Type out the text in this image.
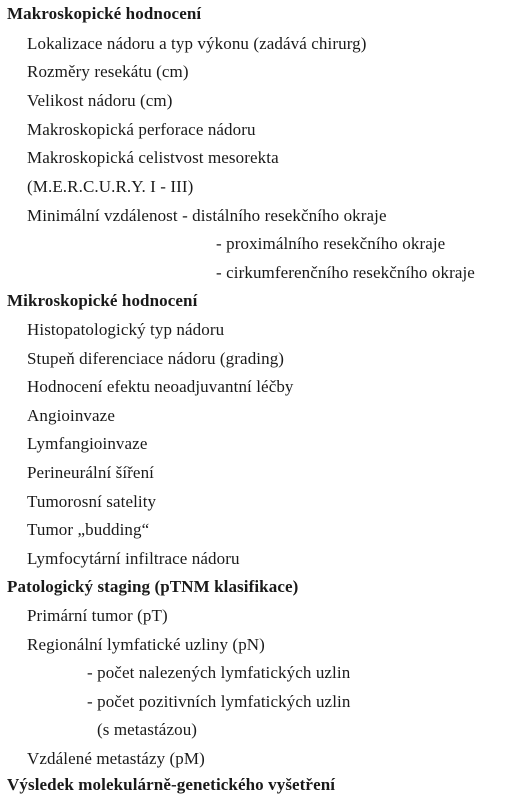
Makroskopické hodnocení
Lokalizace nádoru a typ výkonu (zadává chirurg)
Rozměry resekátu (cm)
Velikost nádoru (cm)
Makroskopická perforace nádoru
Makroskopická celistvost mesorekta
(M.E.R.C.U.R.Y. I - III)
Minimální vzdálenost - distálního resekčního okraje
- proximálního resekčního okraje
- cirkumferenčního resekčního okraje
Mikroskopické hodnocení
Histopatologický typ nádoru
Stupeň diferenciace nádoru (grading)
Hodnocení efektu neoadjuvantní léčby
Angioinvaze
Lymfangioinvaze
Perineurální šíření
Tumorosní satelity
Tumor „budding“
Lymfocytární infiltrace nádoru
Patologický staging (pTNM klasifikace)
Primární tumor (pT)
Regionální lymfatické uzliny (pN)
- počet nalezených lymfatických uzlin
- počet pozitivních lymfatických uzlin
(s metastázou)
Vzdálené metastázy (pM)
Výsledek molekulárně-genetického vyšetření
